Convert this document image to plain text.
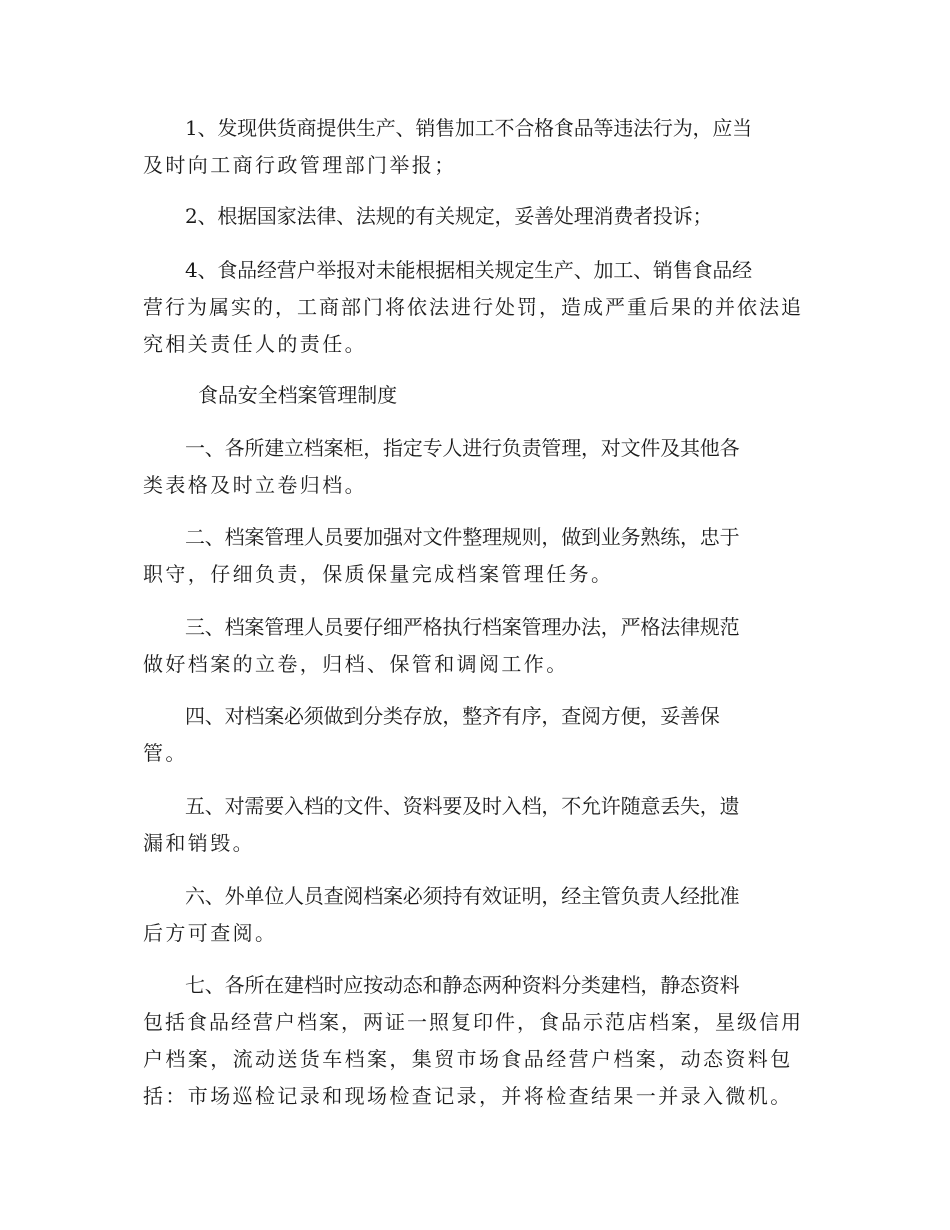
1、发现供货商提供生产、销售加工不合格食品等违法行为，应当
及时向工商行政管理部门举报；
2、根据国家法律、法规的有关规定，妥善处理消费者投诉；
4、食品经营户举报对未能根据相关规定生产、加工、销售食品经
营行为属实的，工商部门将依法进行处罚，造成严重后果的并依法追
究相关责任人的责任。
食品安全档案管理制度
一、各所建立档案柜，指定专人进行负责管理，对文件及其他各
类表格及时立卷归档。
二、档案管理人员要加强对文件整理规则，做到业务熟练，忠于
职守，仔细负责，保质保量完成档案管理任务。
三、档案管理人员要仔细严格执行档案管理办法，严格法律规范
做好档案的立卷，归档、保管和调阅工作。
四、对档案必须做到分类存放，整齐有序，查阅方便，妥善保
管。
五、对需要入档的文件、资料要及时入档，不允许随意丢失，遗
漏和销毁。
六、外单位人员查阅档案必须持有效证明，经主管负责人经批准
后方可查阅。
七、各所在建档时应按动态和静态两种资料分类建档，静态资料
包括食品经营户档案，两证一照复印件，食品示范店档案，星级信用
户档案，流动送货车档案，集贸市场食品经营户档案，动态资料包
括：市场巡检记录和现场检查记录，并将检查结果一并录入微机。
